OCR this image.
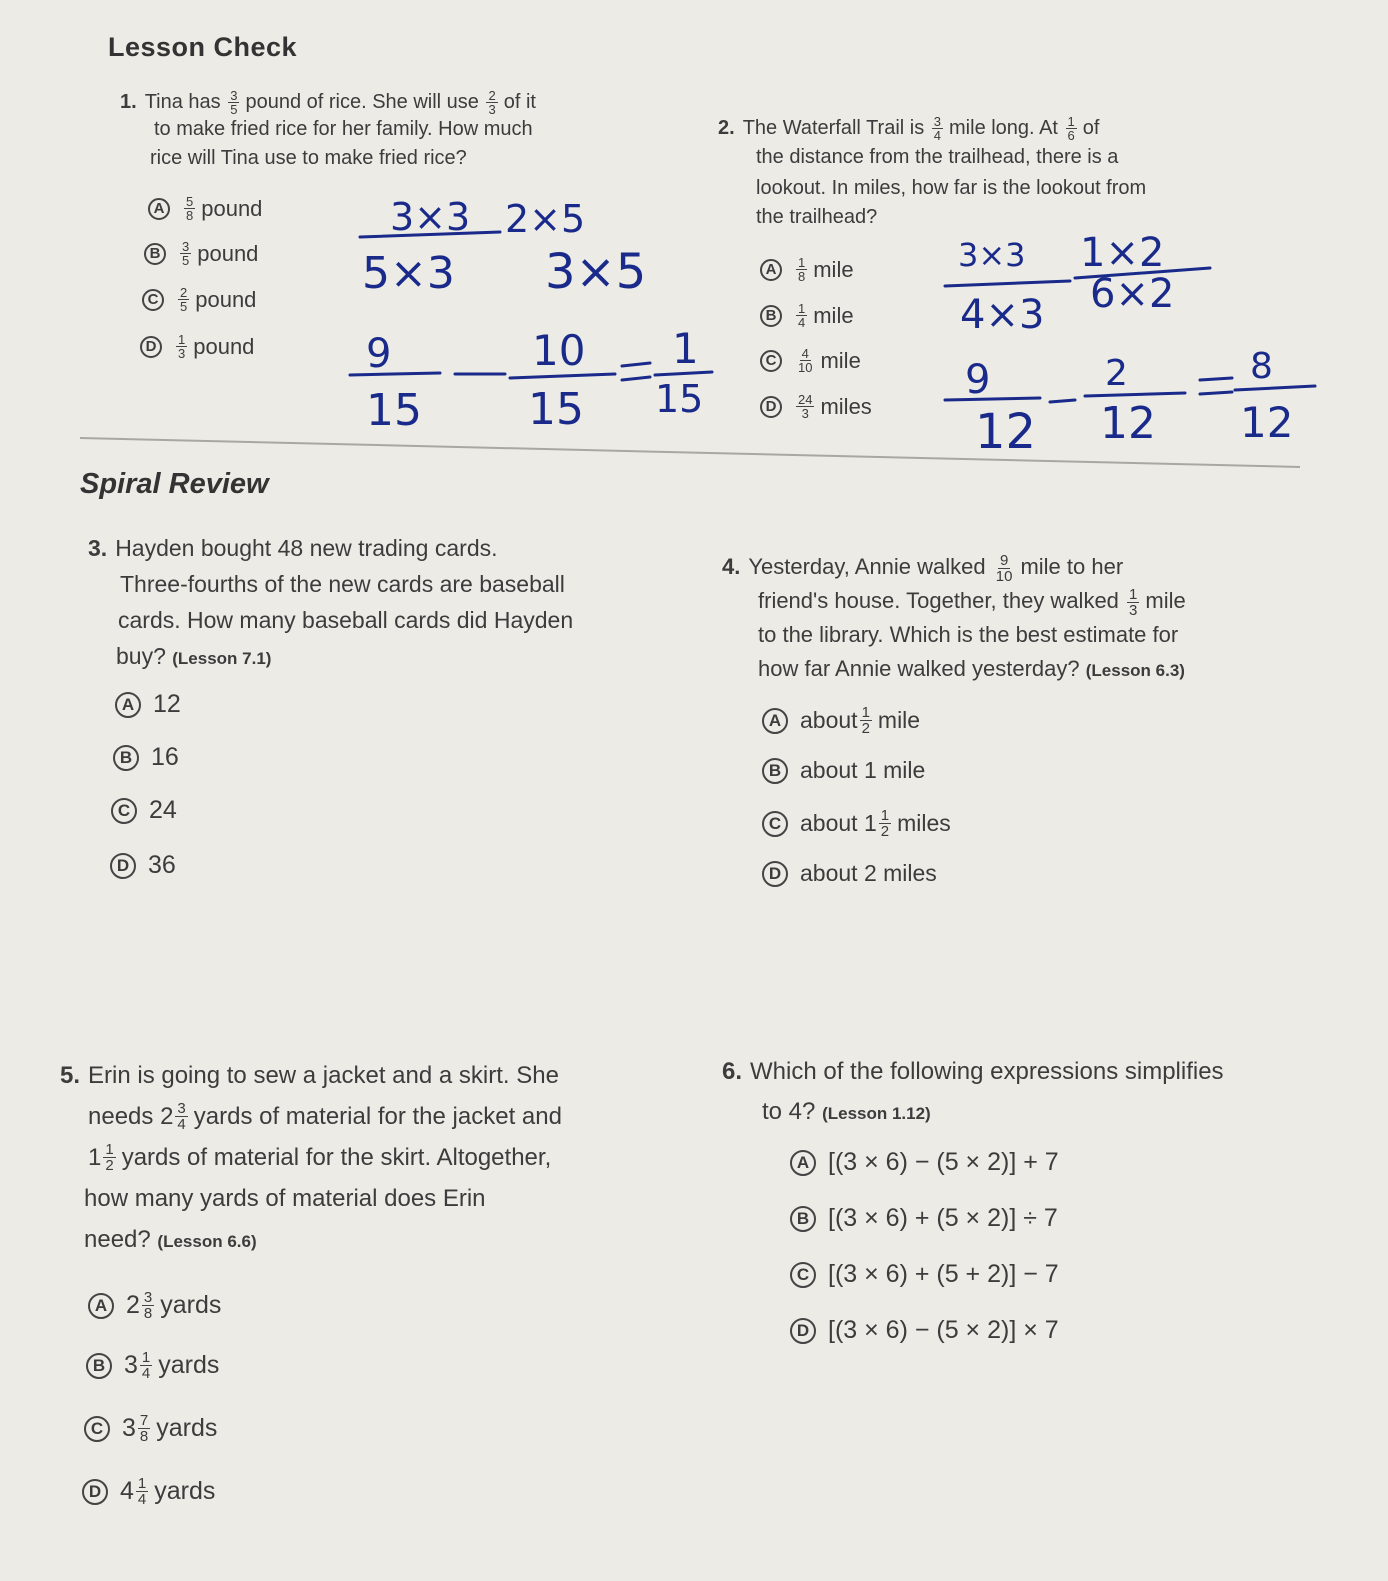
Lesson Check
1. Tina has $\frac{3}{5}$ pound of rice. She will use $\frac{2}{3}$ of it
to make fried rice for her family. How much
rice will Tina use to make fried rice?
A	$\frac{5}{8}$ pound
B	$\frac{3}{5}$ pound
C	$\frac{2}{5}$ pound
D	$\frac{1}{3}$ pound
2. The Waterfall Trail is $\frac{3}{4}$ mile long. At $\frac{1}{6}$ of
the distance from the trailhead, there is a
lookout. In miles, how far is the lookout from
the trailhead?
A	$\frac{1}{8}$ mile
B	$\frac{1}{4}$ mile
C	$\frac{4}{10}$ mile
D	$\frac{24}{3}$ miles
3×3 2×5
5×3 3×5
9
15
10
15
1
15
3×3 1×2
4×3 6×2
9
12
2
12
8
12
Spiral Review
3. Hayden bought 48 new trading cards.
Three-fourths of the new cards are baseball
cards. How many baseball cards did Hayden
buy? (Lesson 7.1)
A 12
B 16
C 24
D 36
4. Yesterday, Annie walked $\frac{9}{10}$ mile to her
friend's house. Together, they walked $\frac{1}{3}$ mile
to the library. Which is the best estimate for
how far Annie walked yesterday? (Lesson 6.3)
A about $\frac{1}{2}$ mile
B about 1 mile
C about
$1 \frac{1}{2}$ miles
D about 2 miles
5. Erin is going to sew a jacket and a skirt. She
needs $2 \frac{3}{4}$ yards of material for the jacket and
$1 \frac{1}{2}$ yards of material for the skirt. Altogether,
how many yards of material does Erin
need? (Lesson 6.6)
A $2 \frac{3}{8}$ yards
B $3 \frac{1}{4}$ yards
C $3 \frac{7}{8}$ yards
D $4 \frac{1}{4}$ yards
6. Which of the following expressions simplifies
to 4? (Lesson 1.12)
A [(3 × 6) − (5 × 2)] + 7
B [(3 × 6) + (5 × 2)] ÷ 7
C [(3 × 6) + (5 + 2)] − 7
D [(3 × 6) − (5 × 2)] × 7
